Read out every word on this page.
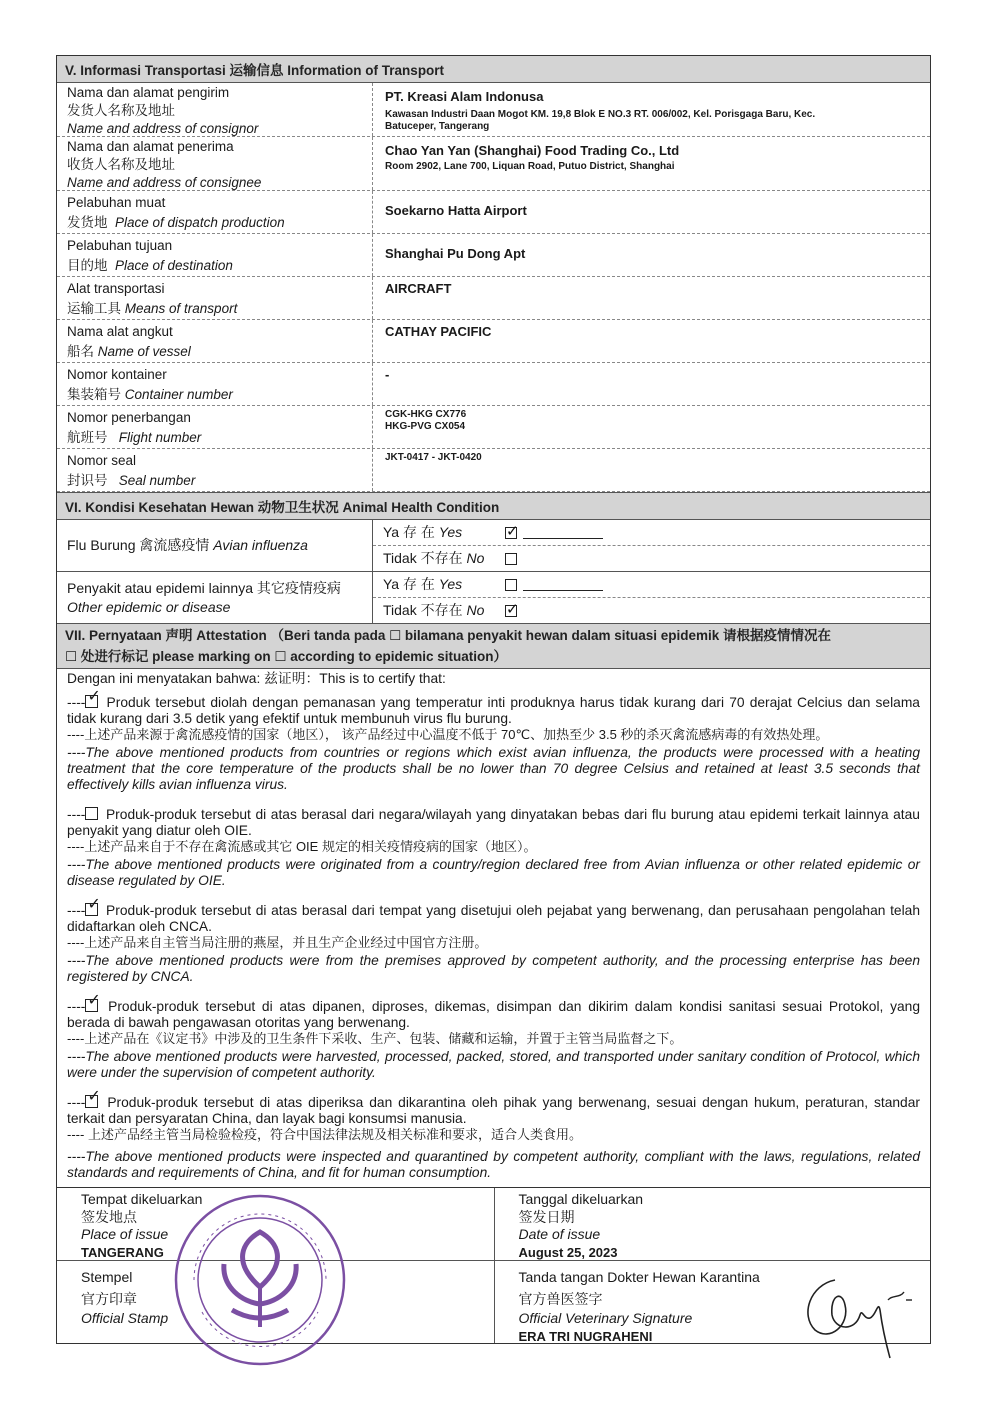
V. Informasi Transportasi 运输信息 Information of Transport
Nama dan alamat pengirim
发货人名称及地址
Name and address of consignor
PT. Kreasi Alam Indonusa
Kawasan Industri Daan Mogot KM. 19,8 Blok E NO.3 RT. 006/002, Kel. Porisgaga Baru, Kec.
Batuceper, Tangerang
Nama dan alamat penerima
收货人名称及地址
Name and address of consignee
Chao Yan Yan (Shanghai) Food Trading Co., Ltd
Room 2902, Lane 700, Liquan Road, Putuo District, Shanghai
Pelabuhan muat
发货地 Place of dispatch production
Soekarno Hatta Airport
Pelabuhan tujuan
目的地 Place of destination
Shanghai Pu Dong Apt
Alat transportasi
运输工具 Means of transport
AIRCRAFT
Nama alat angkut
船名 Name of vessel
CATHAY PACIFIC
Nomor kontainer
集装箱号 Container number
-
Nomor penerbangan
航班号 Flight number
CGK-HKG CX776
HKG-PVG CX054
Nomor seal
封识号 Seal number
JKT-0417 - JKT-0420
VI. Kondisi Kesehatan Hewan 动物卫生状况 Animal Health Condition
Flu Burung 禽流感疫情 Avian influenza
Ya 存 在 Yes
✓
Tidak 不存在 No
Penyakit atau epidemi lainnya 其它疫情疫病
Other epidemic or disease
Ya 存 在 Yes
Tidak 不存在 No
✓
VII. Pernyataan 声明 Attestation （Beri tanda pada ☐ bilamana penyakit hewan dalam situasi epidemik 请根据疫情情况在
☐ 处进行标记 please marking on ☐ according to epidemic situation）

Dengan ini menyatakan bahwa: 兹证明：This is to certify that:

---- ✓ Produk tersebut diolah dengan pemanasan yang temperatur inti produknya harus tidak kurang dari 70 derajat Celcius dan selama tidak kurang dari 3.5 detik yang efektif untuk membunuh virus flu burung.

----上述产品来源于禽流感疫情的国家（地区）， 该产品经过中心温度不低于 70℃、加热至少 3.5 秒的杀灭禽流感病毒的有效热处理。

----The above mentioned products from countries or regions which exist avian influenza, the products were processed with a heating treatment that the core temperature of the products shall be no lower than 70 degree Celsius and retained at least 3.5 seconds that effectively kills avian influenza virus.

---- Produk-produk tersebut di atas berasal dari negara/wilayah yang dinyatakan bebas dari flu burung atau epidemi terkait lainnya atau penyakit yang diatur oleh OIE.

----上述产品来自于不存在禽流感或其它 OIE 规定的相关疫情疫病的国家（地区）。

----The above mentioned products were originated from a country/region declared free from Avian influenza or other related epidemic or disease regulated by OIE.

---- ✓ Produk-produk tersebut di atas berasal dari tempat yang disetujui oleh pejabat yang berwenang, dan perusahaan pengolahan telah didaftarkan oleh CNCA.

----上述产品来自主管当局注册的燕屋，并且生产企业经过中国官方注册。

----The above mentioned products were from the premises approved by competent authority, and the processing enterprise has been registered by CNCA.

---- ✓ Produk-produk tersebut di atas dipanen, diproses, dikemas, disimpan dan dikirim dalam kondisi sanitasi sesuai Protokol, yang berada di bawah pengawasan otoritas yang berwenang.

----上述产品在《议定书》中涉及的卫生条件下采收、生产、包装、储藏和运输，并置于主管当局监督之下。

----The above mentioned products were harvested, processed, packed, stored, and transported under sanitary condition of Protocol, which were under the supervision of competent authority.

---- ✓ Produk-produk tersebut di atas diperiksa dan dikarantina oleh pihak yang berwenang, sesuai dengan hukum, peraturan, standar terkait dan persyaratan China, dan layak bagi konsumsi manusia.

---- 上述产品经主管当局检验检疫，符合中国法律法规及相关标准和要求，适合人类食用。

----The above mentioned products were inspected and quarantined by competent authority, compliant with the laws, regulations, related standards and requirements of China, and fit for human consumption.

Tempat dikeluarkan
签发地点
Place of issue
TANGERANG
Tanggal dikeluarkan
签发日期
Date of issue
August 25, 2023
Stempel
官方印章
Official Stamp
Tanda tangan Dokter Hewan Karantina
官方兽医签字
Official Veterinary Signature
ERA TRI NUGRAHENI
